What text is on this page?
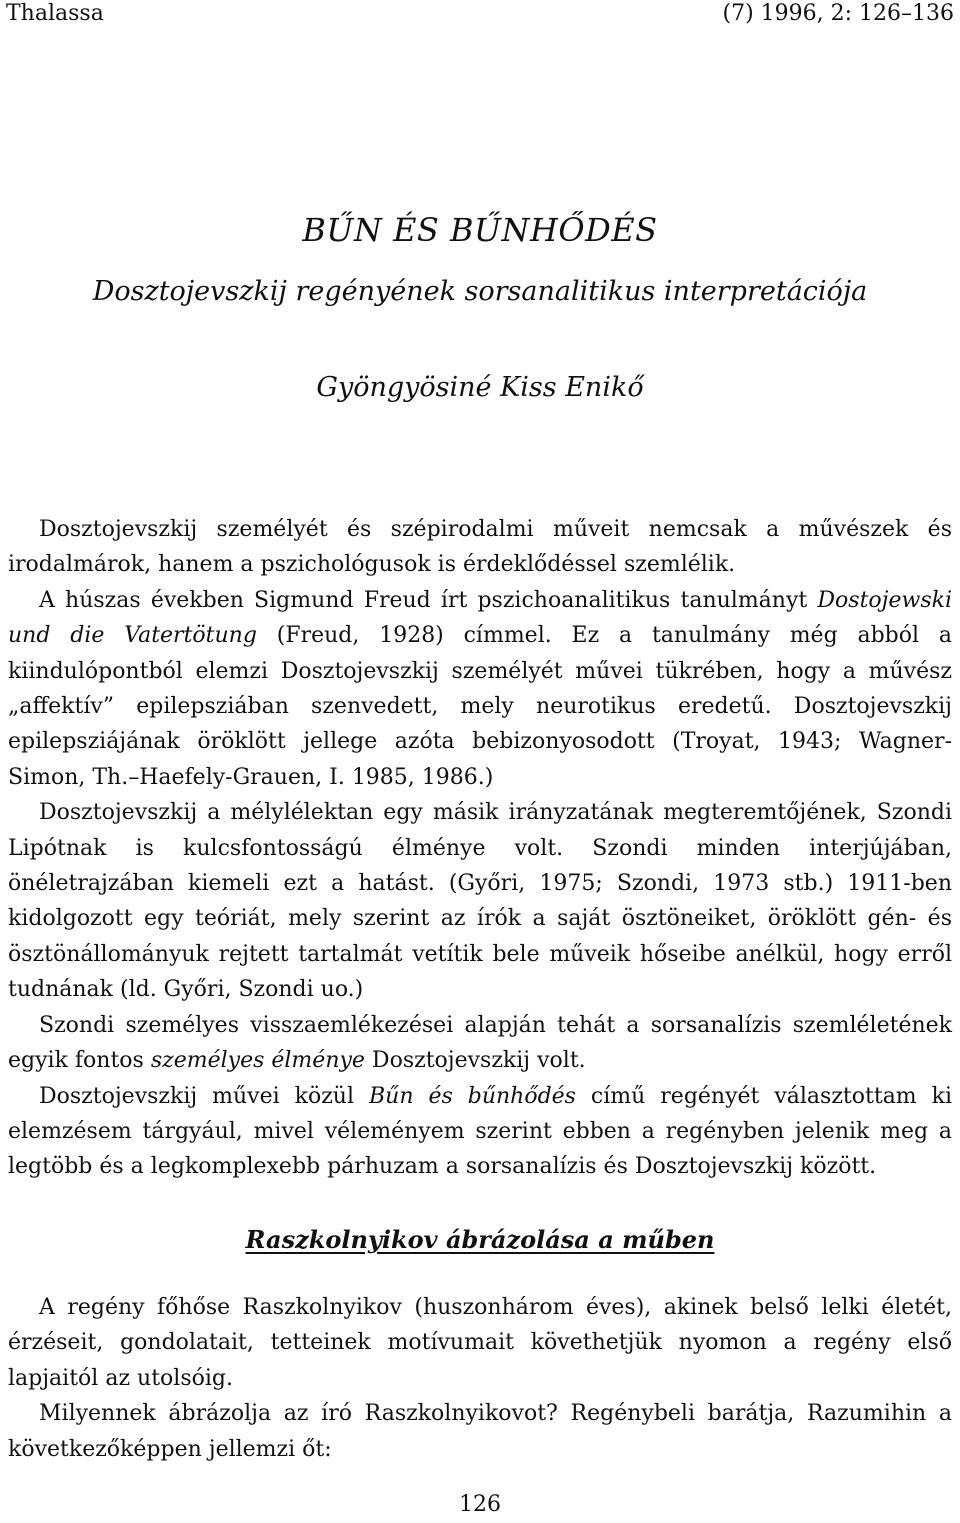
Thalassa	(7) 1996, 2: 126–136
BŰN ÉS BŰNHŐDÉS
Dosztojevszkij regényének sorsanalitikus interpretációja
Gyöngyösiné Kiss Enikő

Dosztojevszkij személyét és szépirodalmi műveit nemcsak a művészek és irodalmárok, hanem a pszichológusok is érdeklődéssel szemlélik.

A húszas években Sigmund Freud írt pszichoanalitikus tanulmányt Dostojewski und die Vatertötung (Freud, 1928) címmel. Ez a tanulmány még abból a kiindulópontból elemzi Dosztojevszkij személyét művei tükrében, hogy a művész „affektív” epilepsziában szenvedett, mely neurotikus eredetű. Dosztojevszkij epilepsziájának öröklött jellege azóta bebizonyosodott (Troyat, 1943; Wagner-Simon, Th.–Haefely-Grauen, I. 1985, 1986.)

Dosztojevszkij a mélylélektan egy másik irányzatának megteremtőjének, Szondi Lipótnak is kulcsfontosságú élménye volt. Szondi minden interjújában, önéletrajzában kiemeli ezt a hatást. (Győri, 1975; Szondi, 1973 stb.) 1911-ben kidolgozott egy teóriát, mely szerint az írók a saját ösztöneiket, öröklött gén- és ösztönállományuk rejtett tartalmát vetítik bele műveik hőseibe anélkül, hogy erről tudnának (ld. Győri, Szondi uo.)

Szondi személyes visszaemlékezései alapján tehát a sorsanalízis szemléletének egyik fontos személyes élménye Dosztojevszkij volt.

Dosztojevszkij művei közül Bűn és bűnhődés című regényét választottam ki elemzésem tárgyául, mivel véleményem szerint ebben a regényben jelenik meg a legtöbb és a legkomplexebb párhuzam a sorsanalízis és Dosztojevszkij között.

Raszkolnyikov ábrázolása a műben

A regény főhőse Raszkolnyikov (huszonhárom éves), akinek belső lelki életét, érzéseit, gondolatait, tetteinek motívumait követhetjük nyomon a regény első lapjaitól az utolsóig.

Milyennek ábrázolja az író Raszkolnyikovot? Regénybeli barátja, Razumihin a következőképpen jellemzi őt:

126
